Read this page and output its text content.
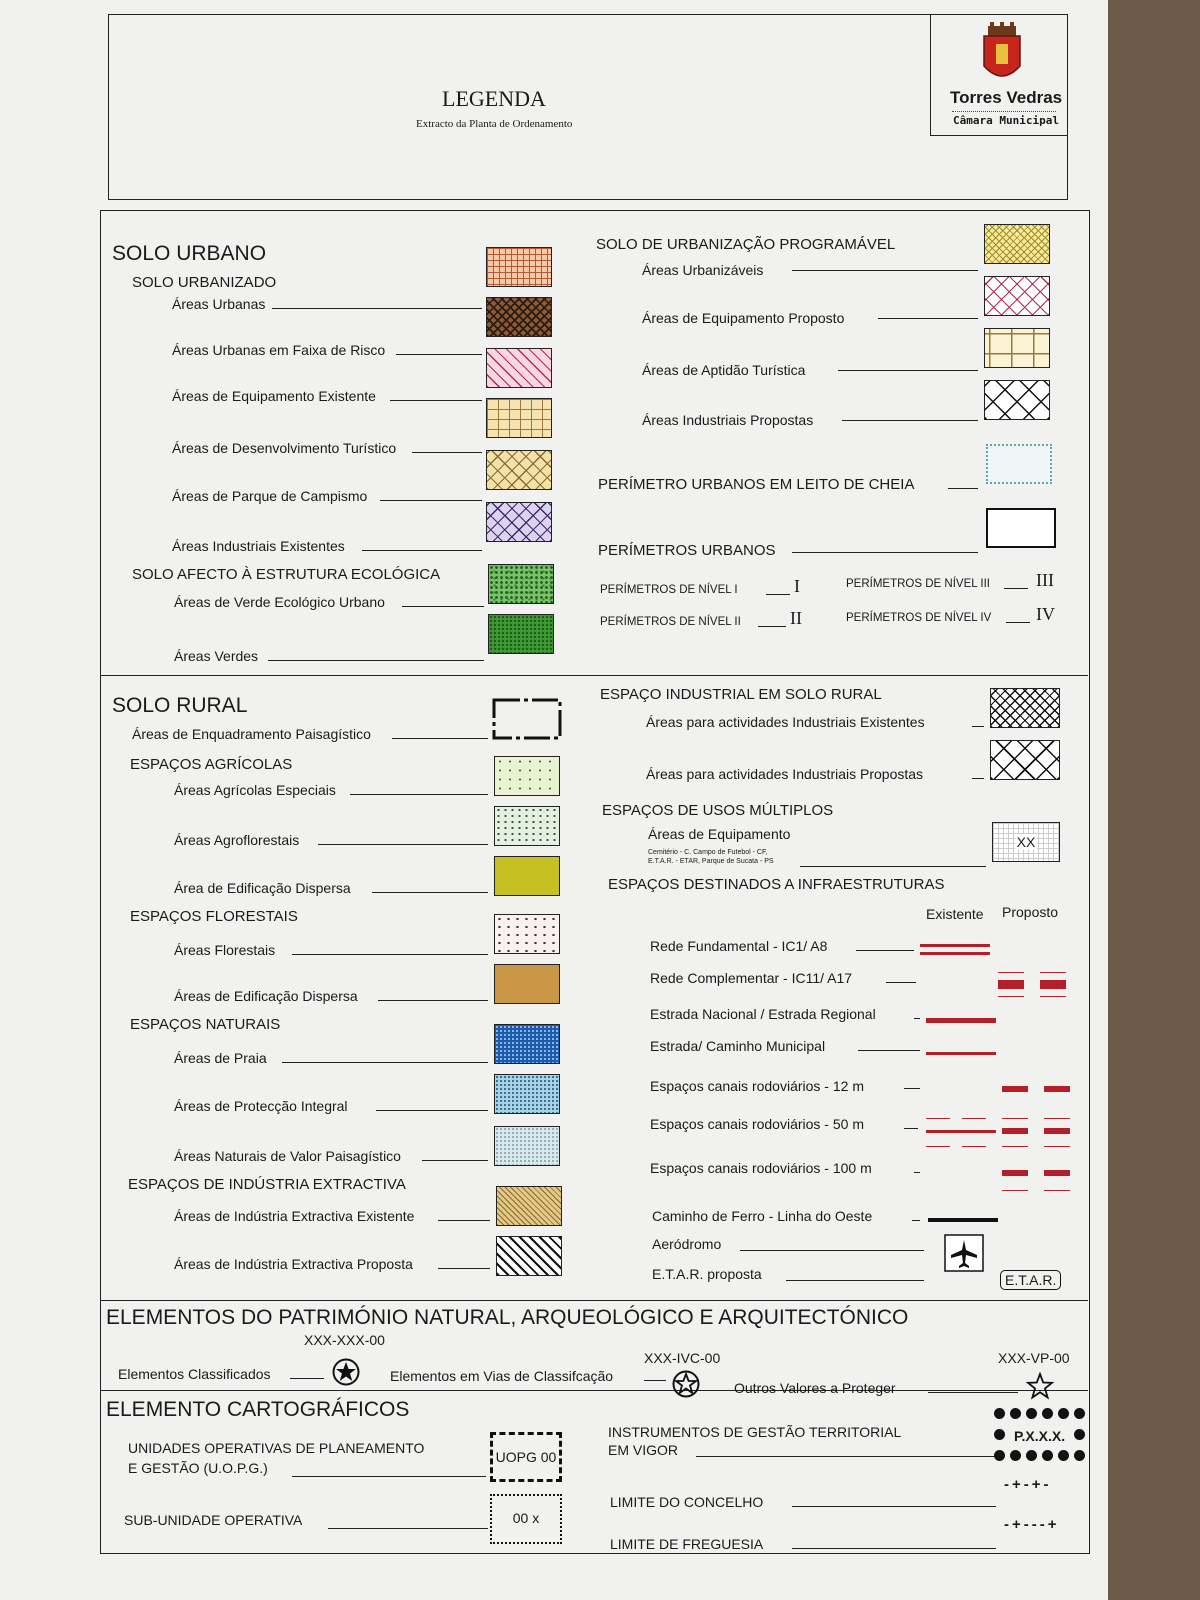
LEGENDA
Extracto da Planta de Ordenamento
Torres Vedras
Câmara Municipal
SOLO URBANO
SOLO URBANIZADO
Áreas Urbanas
Áreas Urbanas em Faixa de Risco
Áreas de Equipamento Existente
Áreas de Desenvolvimento Turístico
Áreas de Parque de Campismo
Áreas Industriais Existentes
SOLO AFECTO À ESTRUTURA ECOLÓGICA
Áreas de Verde Ecológico Urbano
Áreas Verdes
SOLO DE URBANIZAÇÃO PROGRAMÁVEL
Áreas Urbanizáveis
Áreas de Equipamento Proposto
Áreas de Aptidão Turística
Áreas Industriais Propostas
PERÍMETRO URBANOS EM LEITO DE CHEIA
PERÍMETROS URBANOS
PERÍMETROS DE NÍVEL I	I
PERÍMETROS DE NÍVEL II	II
PERÍMETROS DE NÍVEL III	III
PERÍMETROS DE NÍVEL IV IV
SOLO RURAL
Áreas de Enquadramento Paisagístico
ESPAÇOS AGRÍCOLAS
Áreas Agrícolas Especiais
Áreas Agroflorestais
Área de Edificação Dispersa
ESPAÇOS FLORESTAIS
Áreas Florestais
Áreas de Edificação Dispersa
ESPAÇOS NATURAIS
Áreas de Praia
Áreas de Protecção Integral
Áreas Naturais de Valor Paisagístico
ESPAÇOS DE INDÚSTRIA EXTRACTIVA
Áreas de Indústria Extractiva Existente
Áreas de Indústria Extractiva Proposta
ESPAÇO INDUSTRIAL EM SOLO RURAL
Áreas para actividades Industriais Existentes
Áreas para actividades Industriais Propostas
ESPAÇOS DE USOS MÚLTIPLOS
Áreas de Equipamento
Cemitério - C. Campo de Futebol - CF,
E.T.A.R. - ETAR, Parque de Sucata - PS
XX
ESPAÇOS DESTINADOS A INFRAESTRUTURAS
Existente Proposto
Rede Fundamental - IC1/ A8
Rede Complementar - IC11/ A17
Estrada Nacional / Estrada Regional
Estrada/ Caminho Municipal
Espaços canais rodoviários - 12 m
Espaços canais rodoviários - 50 m
Espaços canais rodoviários - 100 m
Caminho de Ferro - Linha do Oeste
Aeródromo
E.T.A.R. proposta	E.T.A.R.
ELEMENTOS DO PATRIMÓNIO NATURAL, ARQUEOLÓGICO E ARQUITECTÓNICO
XXX-XXX-00
XXX-IVC-00	XXX-VP-00
Elementos Classificados	Elementos em Vias de Classifcação
Outros Valores a Proteger
ELEMENTO CARTOGRÁFICOS
UNIDADES OPERATIVAS DE PLANEAMENTO
E GESTÃO (U.O.P.G.)
UOPG 00
SUB-UNIDADE OPERATIVA	00 x
INSTRUMENTOS DE GESTÃO TERRITORIAL
EM VIGOR
P.X.X.X.
LIMITE DO CONCELHO
-+-+-
LIMITE DE FREGUESIA
-+---+
